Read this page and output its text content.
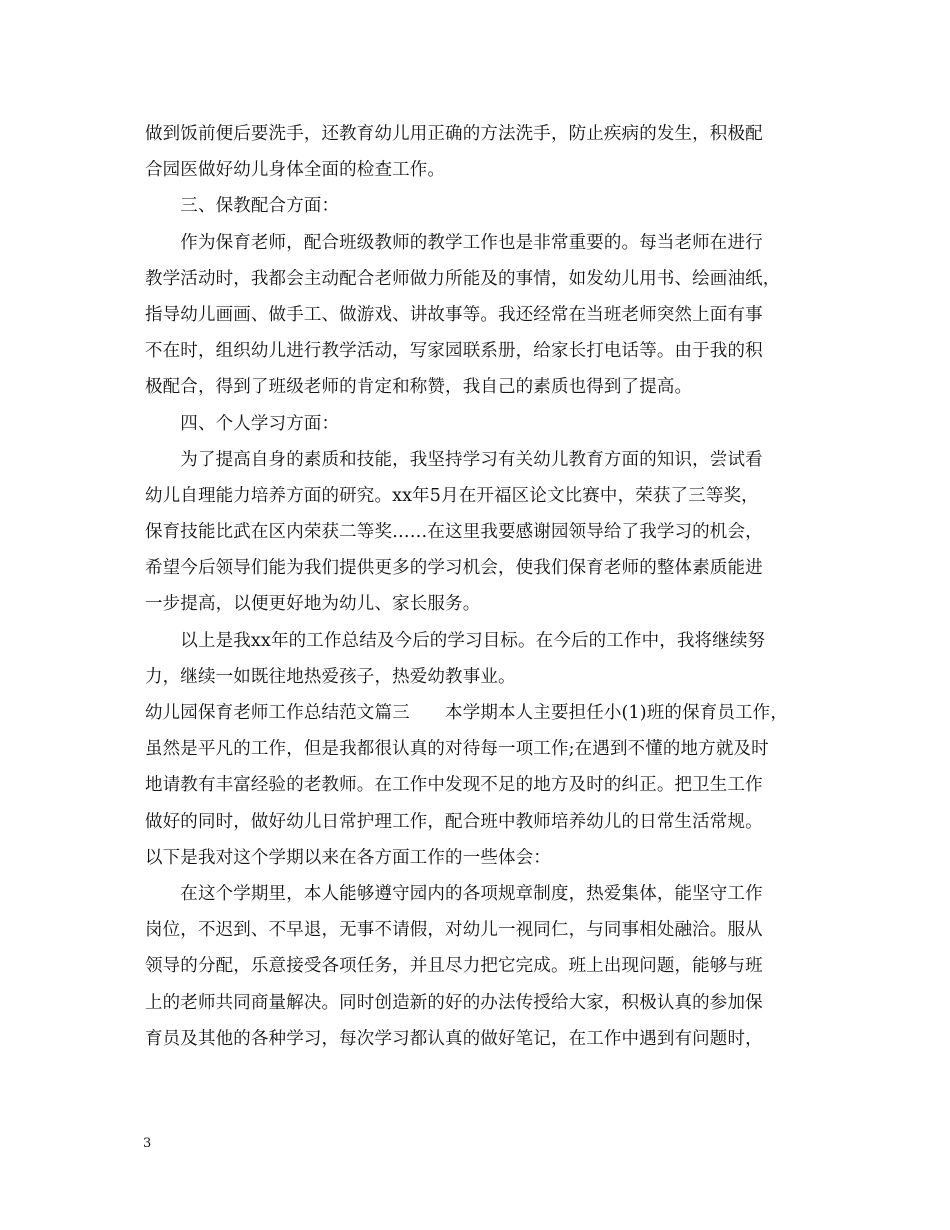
做到饭前便后要洗手，还教育幼儿用正确的方法洗手，防止疾病的发生，积极配
合园医做好幼儿身体全面的检查工作。
　　三、保教配合方面：
　　作为保育老师，配合班级教师的教学工作也是非常重要的。每当老师在进行
教学活动时，我都会主动配合老师做力所能及的事情，如发幼儿用书、绘画油纸，
指导幼儿画画、做手工、做游戏、讲故事等。我还经常在当班老师突然上面有事
不在时，组织幼儿进行教学活动，写家园联系册，给家长打电话等。由于我的积
极配合，得到了班级老师的肯定和称赞，我自己的素质也得到了提高。
　　四、个人学习方面：
　　为了提高自身的素质和技能，我坚持学习有关幼儿教育方面的知识，尝试看
幼儿自理能力培养方面的研究。xx年5月在开福区论文比赛中，荣获了三等奖，
保育技能比武在区内荣获二等奖……在这里我要感谢园领导给了我学习的机会，
希望今后领导们能为我们提供更多的学习机会，使我们保育老师的整体素质能进
一步提高，以便更好地为幼儿、家长服务。
　　以上是我xx年的工作总结及今后的学习目标。在今后的工作中，我将继续努
力，继续一如既往地热爱孩子，热爱幼教事业。
幼儿园保育老师工作总结范文篇三　　本学期本人主要担任小(1)班的保育员工作，
虽然是平凡的工作，但是我都很认真的对待每一项工作;在遇到不懂的地方就及时
地请教有丰富经验的老教师。在工作中发现不足的地方及时的纠正。把卫生工作
做好的同时，做好幼儿日常护理工作，配合班中教师培养幼儿的日常生活常规。
以下是我对这个学期以来在各方面工作的一些体会：
　　在这个学期里，本人能够遵守园内的各项规章制度，热爱集体，能坚守工作
岗位，不迟到、不早退，无事不请假，对幼儿一视同仁，与同事相处融洽。服从
领导的分配，乐意接受各项任务，并且尽力把它完成。班上出现问题，能够与班
上的老师共同商量解决。同时创造新的好的办法传授给大家，积极认真的参加保
育员及其他的各种学习，每次学习都认真的做好笔记，在工作中遇到有问题时，
3
